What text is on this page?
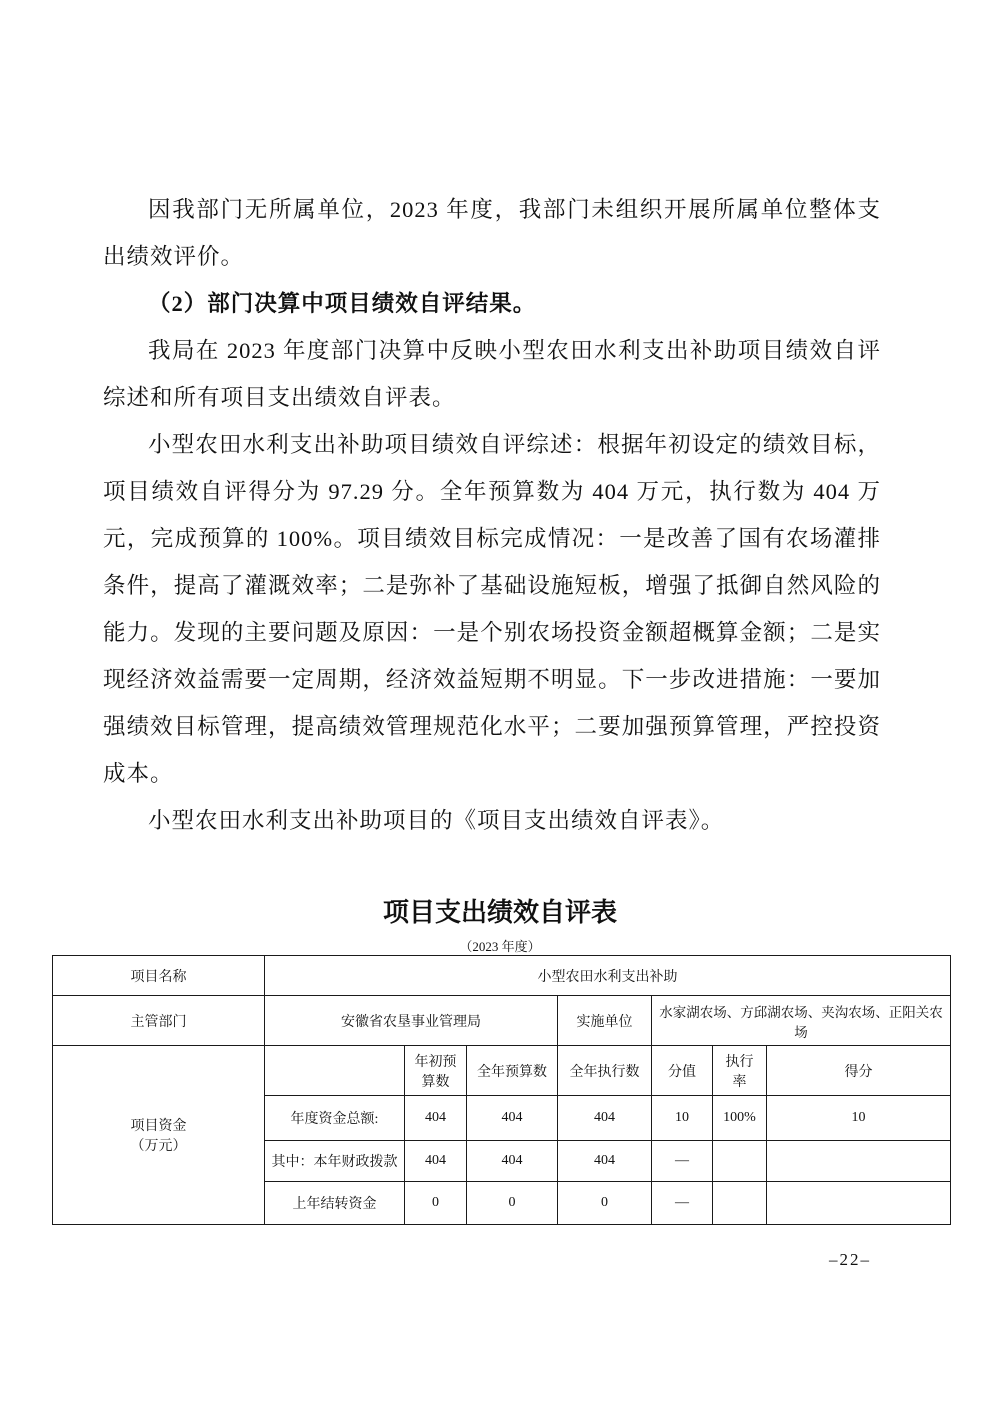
因我部门无所属单位，2023 年度，我部门未组织开展所属单位整体支出绩效评价。

（2）部门决算中项目绩效自评结果。

我局在 2023 年度部门决算中反映小型农田水利支出补助项目绩效自评综述和所有项目支出绩效自评表。

小型农田水利支出补助项目绩效自评综述：根据年初设定的绩效目标，项目绩效自评得分为 97.29 分。全年预算数为 404 万元，执行数为 404 万元，完成预算的 100%。项目绩效目标完成情况：一是改善了国有农场灌排条件，提高了灌溉效率；二是弥补了基础设施短板，增强了抵御自然风险的能力。发现的主要问题及原因：一是个别农场投资金额超概算金额；二是实现经济效益需要一定周期，经济效益短期不明显。下一步改进措施：一要加强绩效目标管理，提高绩效管理规范化水平；二要加强预算管理，严控投资成本。

小型农田水利支出补助项目的《项目支出绩效自评表》。

项目支出绩效自评表

（2023 年度）

项目名称	小型农田水利支出补助						
主管部门	安徽省农垦事业管理局			实施单位	水家湖农场、方邱湖农场、夹沟农场、正阳关农场		
项目资金
（万元）		年初预算数	全年预算数	全年执行数	分值	执行率	得分
	年度资金总额:	404	404	404	10	100%	10
	其中：本年财政拨款	404	404	404	—		
	上年结转资金	0	0	0	—		

–22–
